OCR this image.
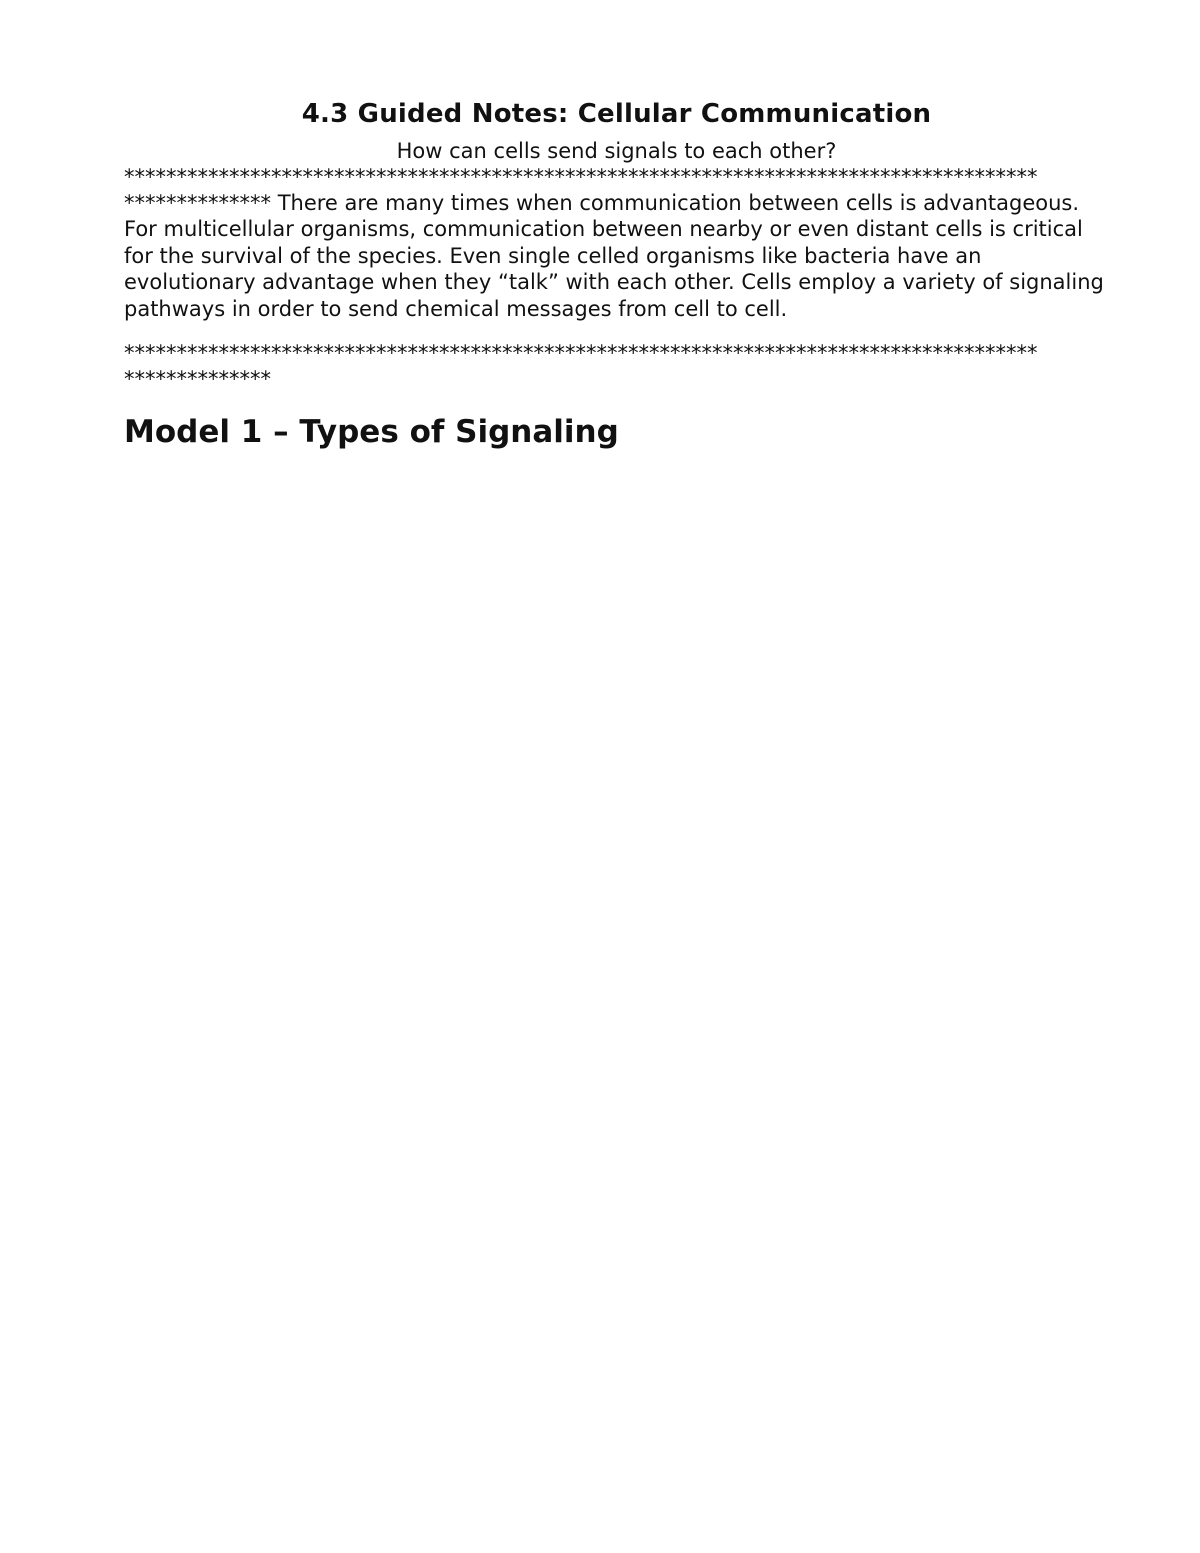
4.3 Guided Notes: Cellular Communication

How can cells send signals to each other?

***************************************************************************************

************** There are many times when communication between cells is advantageous. For multicellular organisms, communication between nearby or even distant cells is critical for the survival of the species. Even single celled organisms like bacteria have an evolutionary advantage when they “talk” with each other. Cells employ a variety of signaling pathways in order to send chemical messages from cell to cell.

***************************************************************************************

**************

Model 1 – Types of Signaling
